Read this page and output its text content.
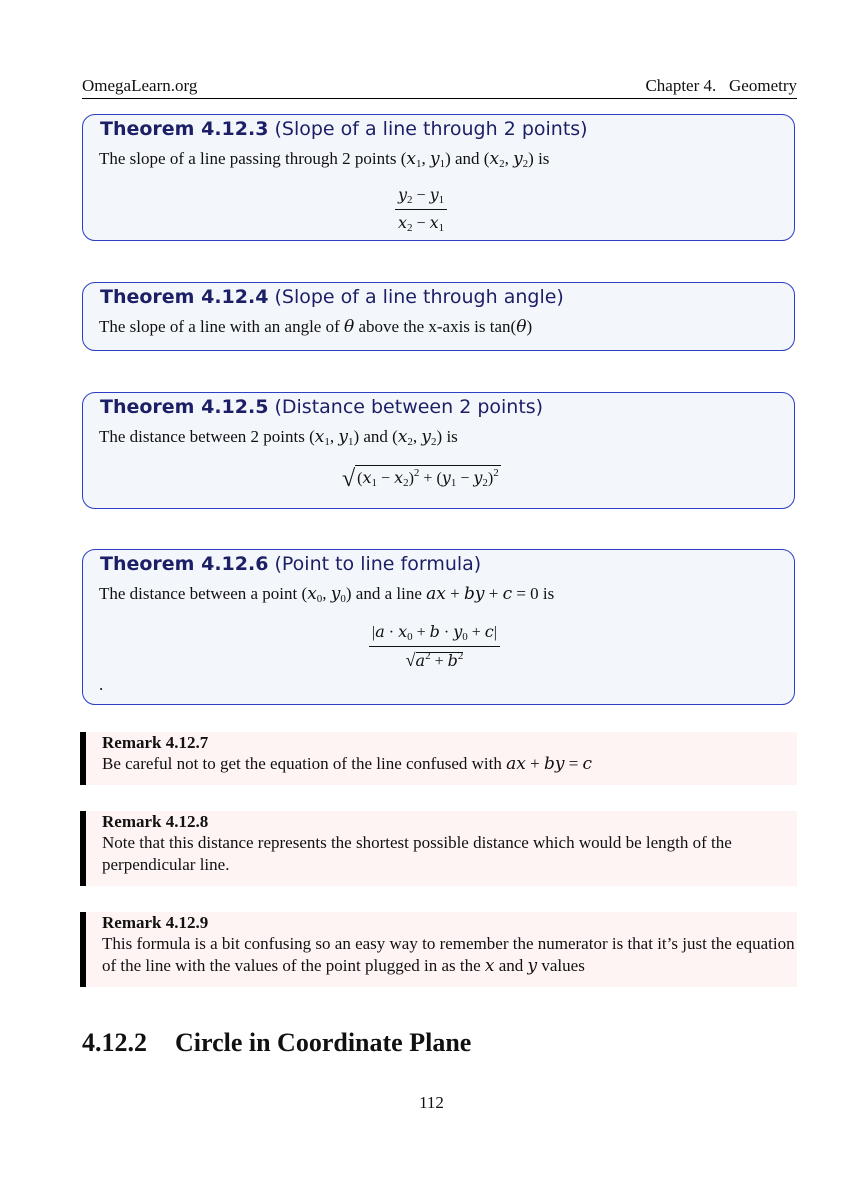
OmegaLearn.org	Chapter 4.   Geometry
Theorem 4.12.3 (Slope of a line through 2 points)
The slope of a line passing through 2 points ($x_1$, $y_1$) and ($x_2$, $y_2$) is
$\frac{y_2 - y_1}{x_2 - x_1}$
Theorem 4.12.4 (Slope of a line through angle)
The slope of a line with an angle of θ above the x-axis is tan(θ)
Theorem 4.12.5 (Distance between 2 points)
The distance between 2 points ($x_1$, $y_1$) and ($x_2$, $y_2$) is
√ $(x_1 - x_2)^2 + (y_1 - y_2)^2$
Theorem 4.12.6 (Point to line formula)
The distance between a point ($x_0$, $y_0$) and a line ax + by + c = 0 is
$\frac{|a \cdot x_0 + b \cdot y_0 + c|}{√a^2 + b^2}$
.
Remark 4.12.7
Be careful not to get the equation of the line confused with ax + by = c
Remark 4.12.8
Note that this distance represents the shortest possible distance which would be length of the perpendicular line.
Remark 4.12.9
This formula is a bit confusing so an easy way to remember the numerator is that it’s just the equation of the line with the values of the point plugged in as the x and y values
4.12.2 Circle in Coordinate Plane
112
